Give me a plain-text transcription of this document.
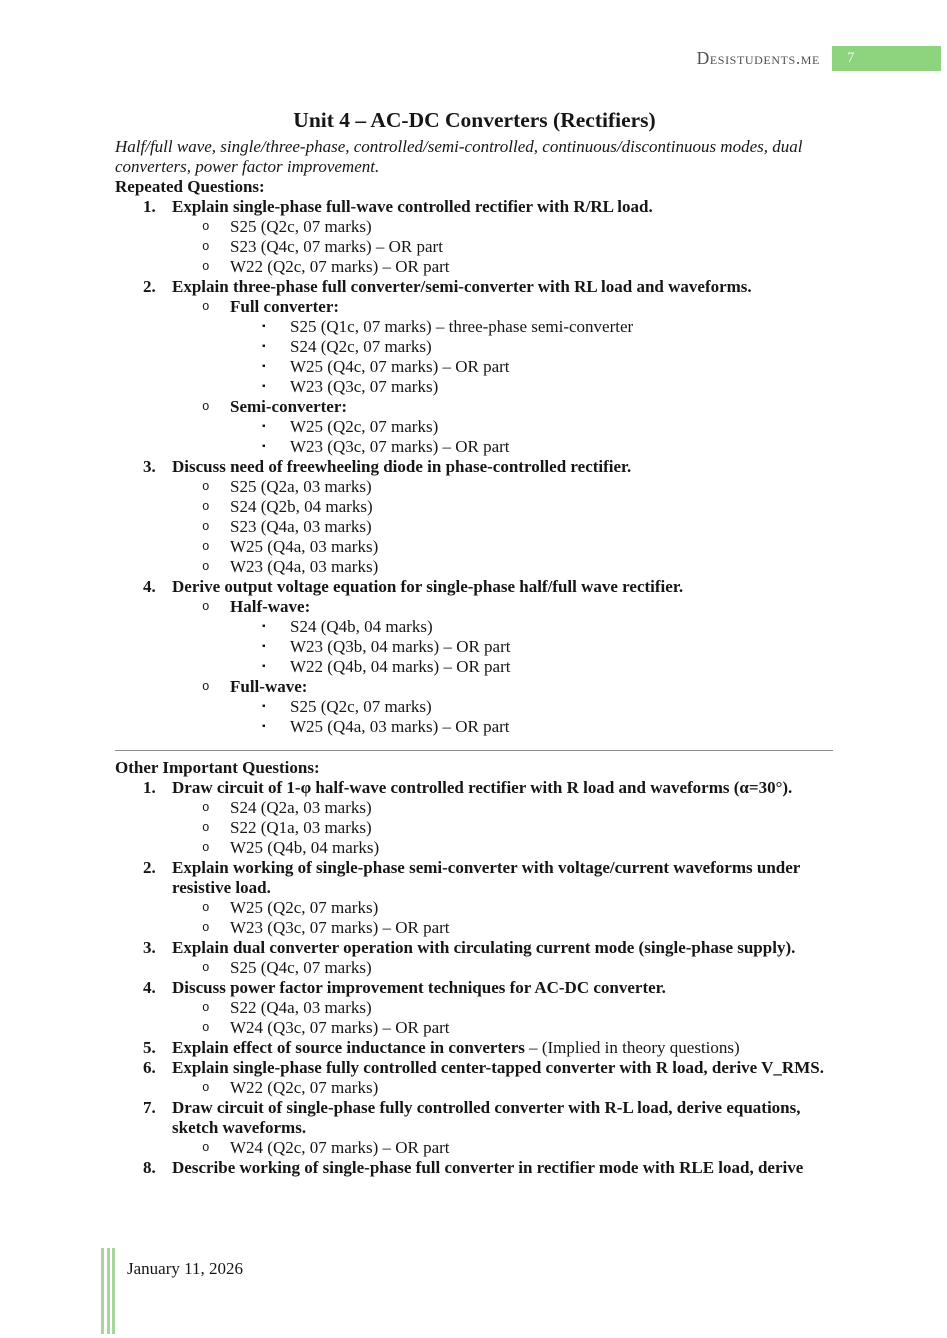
Desistudents.me 7
Unit 4 – AC-DC Converters (Rectifiers)

Half/full wave, single/three-phase, controlled/semi-controlled, continuous/discontinuous modes, dual converters, power factor improvement.

Repeated Questions:

1. Explain single-phase full-wave controlled rectifier with R/RL load.
o	S25 (Q2c, 07 marks)
o	S23 (Q4c, 07 marks) – OR part
o	W22 (Q2c, 07 marks) – OR part
2. Explain three-phase full converter/semi-converter with RL load and waveforms.
o	Full converter:
▪	S25 (Q1c, 07 marks) – three-phase semi-converter
▪	S24 (Q2c, 07 marks)
▪	W25 (Q4c, 07 marks) – OR part
▪	W23 (Q3c, 07 marks)
o	Semi-converter:
▪	W25 (Q2c, 07 marks)
▪	W23 (Q3c, 07 marks) – OR part
3. Discuss need of freewheeling diode in phase-controlled rectifier.
o	S25 (Q2a, 03 marks)
o	S24 (Q2b, 04 marks)
o	S23 (Q4a, 03 marks)
o	W25 (Q4a, 03 marks)
o	W23 (Q4a, 03 marks)
4. Derive output voltage equation for single-phase half/full wave rectifier.
o	Half-wave:
▪	S24 (Q4b, 04 marks)
▪	W23 (Q3b, 04 marks) – OR part
▪	W22 (Q4b, 04 marks) – OR part
o	Full-wave:
▪	S25 (Q2c, 07 marks)
▪	W25 (Q4a, 03 marks) – OR part

Other Important Questions:

1. Draw circuit of 1-φ half-wave controlled rectifier with R load and waveforms (α=30°).
o	S24 (Q2a, 03 marks)
o	S22 (Q1a, 03 marks)
o	W25 (Q4b, 04 marks)
2. Explain working of single-phase semi-converter with voltage/current waveforms under resistive load.
o	W25 (Q2c, 07 marks)
o	W23 (Q3c, 07 marks) – OR part
3. Explain dual converter operation with circulating current mode (single-phase supply).
o	S25 (Q4c, 07 marks)
4. Discuss power factor improvement techniques for AC-DC converter.
o	S22 (Q4a, 03 marks)
o	W24 (Q3c, 07 marks) – OR part
5. Explain effect of source inductance in converters – (Implied in theory questions)
6. Explain single-phase fully controlled center-tapped converter with R load, derive V_RMS.
o	W22 (Q2c, 07 marks)
7. Draw circuit of single-phase fully controlled converter with R-L load, derive equations, sketch waveforms.
o	W24 (Q2c, 07 marks) – OR part
8. Describe working of single-phase full converter in rectifier mode with RLE load, derive
January 11, 2026
